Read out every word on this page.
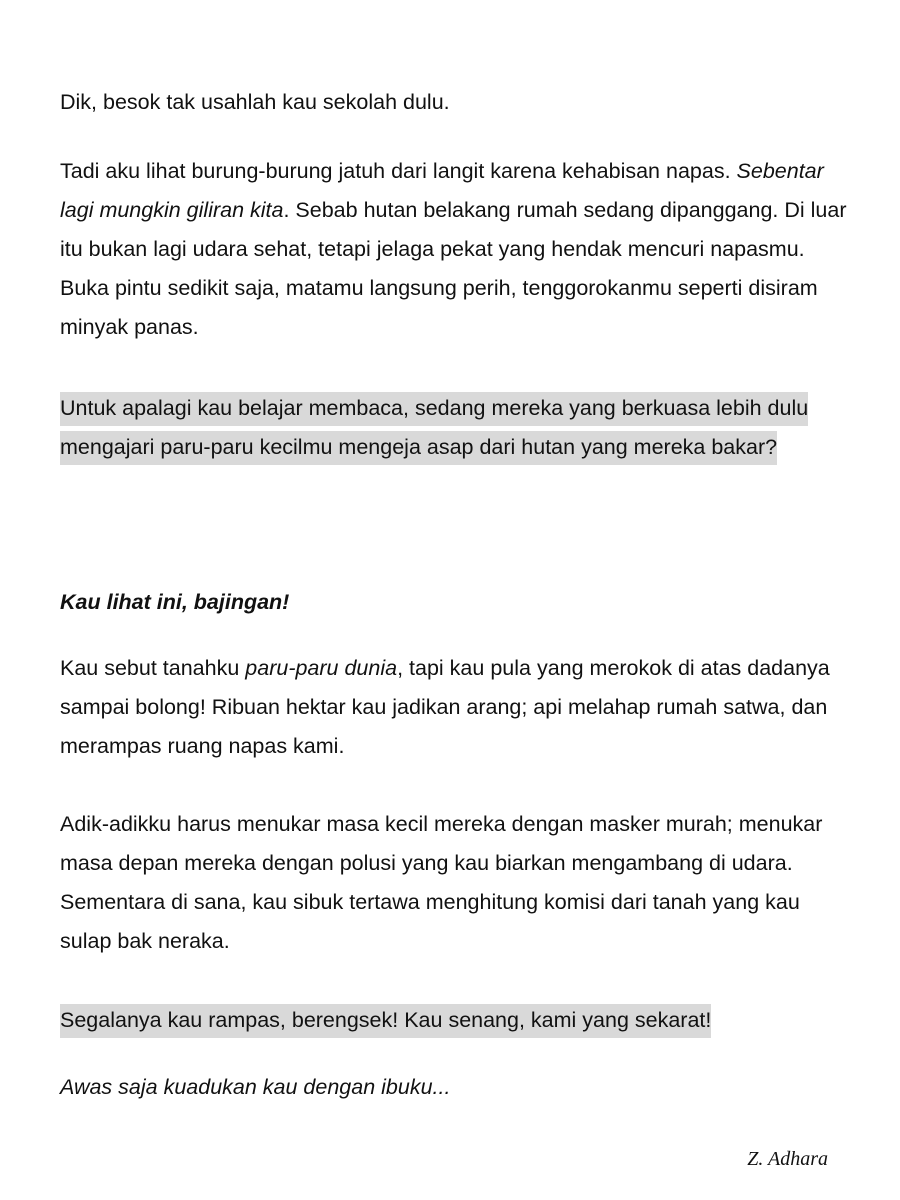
Dik, besok tak usahlah kau sekolah dulu.

Tadi aku lihat burung-burung jatuh dari langit karena kehabisan napas. Sebentar lagi mungkin giliran kita. Sebab hutan belakang rumah sedang dipanggang. Di luar itu bukan lagi udara sehat, tetapi jelaga pekat yang hendak mencuri napasmu. Buka pintu sedikit saja, matamu langsung perih, tenggorokanmu seperti disiram minyak panas.

Untuk apalagi kau belajar membaca, sedang mereka yang berkuasa lebih dulu mengajari paru-paru kecilmu mengeja asap dari hutan yang mereka bakar?

Kau lihat ini, bajingan!

Kau sebut tanahku paru-paru dunia, tapi kau pula yang merokok di atas dadanya sampai bolong! Ribuan hektar kau jadikan arang; api melahap rumah satwa, dan merampas ruang napas kami.

Adik-adikku harus menukar masa kecil mereka dengan masker murah; menukar masa depan mereka dengan polusi yang kau biarkan mengambang di udara. Sementara di sana, kau sibuk tertawa menghitung komisi dari tanah yang kau sulap bak neraka.

Segalanya kau rampas, berengsek! Kau senang, kami yang sekarat!

Awas saja kuadukan kau dengan ibuku...

Z. Adhara
